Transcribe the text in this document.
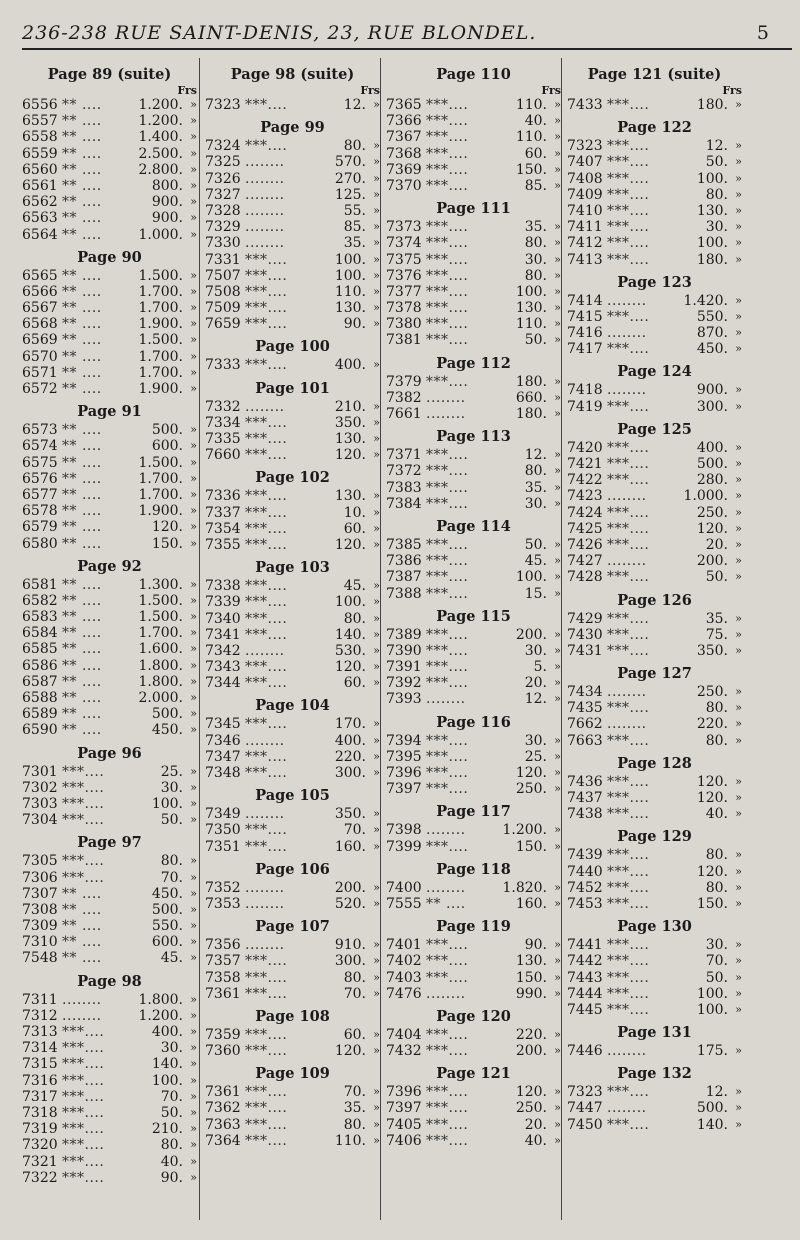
236-238 RUE SAINT-DENIS, 23, RUE BLONDEL.	5
Page 89 (suite)
Frs
6556 ** ....	1.200. »
6557 ** ....	1.200. »
6558 ** ....	1.400. »
6559 ** ....	2.500. »
6560 ** ....	2.800. »
6561 ** ....	800. »
6562 ** ....	900. »
6563 ** ....	900. »
6564 ** ....	1.000. »
Page 90
6565 ** ....	1.500. »
6566 ** ....	1.700. »
6567 ** ....	1.700. »
6568 ** ....	1.900. »
6569 ** ....	1.500. »
6570 ** ....	1.700. »
6571 ** ....	1.700. »
6572 ** ....	1.900. »
Page 91
6573 ** ....	500. »
6574 ** ....	600. »
6575 ** ....	1.500. »
6576 ** ....	1.700. »
6577 ** ....	1.700. »
6578 ** ....	1.900. »
6579 ** ....	120. »
6580 ** ....	150. »
Page 92
6581 ** ....	1.300. »
6582 ** ....	1.500. »
6583 ** ....	1.500. »
6584 ** ....	1.700. »
6585 ** ....	1.600. »
6586 ** ....	1.800. »
6587 ** ....	1.800. »
6588 ** ....	2.000. »
6589 ** ....	500. »
6590 ** ....	450. »
Page 96
7301 ***....	25. »
7302 ***....	30. »
7303 ***....	100. »
7304 ***....	50. »
Page 97
7305 ***....	80. »
7306 ***....	70. »
7307 ** ....	450. »
7308 ** ....	500. »
7309 ** ....	550. »
7310 ** ....	600. »
7548 ** ....	45. »
Page 98
7311 ........	1.800. »
7312 ........	1.200. »
7313 ***....	400. »
7314 ***....	30. »
7315 ***....	140. »
7316 ***....	100. »
7317 ***....	70. »
7318 ***....	50. »
7319 ***....	210. »
7320 ***....	80. »
7321 ***....	40. »
7322 ***....	90. »
Page 98 (suite)
Frs
7323 ***....	12. »
Page 99
7324 ***....	80. »
7325 ........	570. »
7326 ........	270. »
7327 ........	125. »
7328 ........	55. »
7329 ........	85. »
7330 ........	35. »
7331 ***....	100. »
7507 ***....	100. »
7508 ***....	110. »
7509 ***....	130. »
7659 ***....	90. »
Page 100
7333 ***....	400. »
Page 101
7332 ........	210. »
7334 ***....	350. »
7335 ***....	130. »
7660 ***....	120. »
Page 102
7336 ***....	130. »
7337 ***....	10. »
7354 ***....	60. »
7355 ***....	120. »
Page 103
7338 ***....	45. »
7339 ***....	100. »
7340 ***....	80. »
7341 ***....	140. »
7342 ........	530. »
7343 ***....	120. »
7344 ***....	60. »
Page 104
7345 ***....	170. »
7346 ........	400. »
7347 ***....	220. »
7348 ***....	300. »
Page 105
7349 ........	350. »
7350 ***....	70. »
7351 ***....	160. »
Page 106
7352 ........	200. »
7353 ........	520. »
Page 107
7356 ........	910. »
7357 ***....	300. »
7358 ***....	80. »
7361 ***....	70. »
Page 108
7359 ***....	60. »
7360 ***....	120. »
Page 109
7361 ***....	70. »
7362 ***....	35. »
7363 ***....	80. »
7364 ***....	110. »
Page 110
Frs
7365 ***....	110. »
7366 ***....	40. »
7367 ***....	110. »
7368 ***....	60. »
7369 ***....	150. »
7370 ***....	85. »
Page 111
7373 ***....	35. »
7374 ***....	80. »
7375 ***....	30. »
7376 ***....	80. »
7377 ***....	100. »
7378 ***....	130. »
7380 ***....	110. »
7381 ***....	50. »
Page 112
7379 ***....	180. »
7382 ........	660. »
7661 ........	180. »
Page 113
7371 ***....	12. »
7372 ***....	80. »
7383 ***....	35. »
7384 ***....	30. »
Page 114
7385 ***....	50. »
7386 ***....	45. »
7387 ***....	100. »
7388 ***....	15. »
Page 115
7389 ***....	200. »
7390 ***....	30. »
7391 ***....	5. »
7392 ***....	20. »
7393 ........	12. »
Page 116
7394 ***....	30. »
7395 ***....	25. »
7396 ***....	120. »
7397 ***....	250. »
Page 117
7398 ........	1.200. »
7399 ***....	150. »
Page 118
7400 ........	1.820. »
7555 ** ....	160. »
Page 119
7401 ***....	90. »
7402 ***....	130. »
7403 ***....	150. »
7476 ........	990. »
Page 120
7404 ***....	220. »
7432 ***....	200. »
Page 121
7396 ***....	120. »
7397 ***....	250. »
7405 ***....	20. »
7406 ***....	40. »
Page 121 (suite)
Frs
7433 ***....	180. »
Page 122
7323 ***....	12. »
7407 ***....	50. »
7408 ***....	100. »
7409 ***....	80. »
7410 ***....	130. »
7411 ***....	30. »
7412 ***....	100. »
7413 ***....	180. »
Page 123
7414 ........	1.420. »
7415 ***....	550. »
7416 ........	870. »
7417 ***....	450. »
Page 124
7418 ........	900. »
7419 ***....	300. »
Page 125
7420 ***....	400. »
7421 ***....	500. »
7422 ***....	280. »
7423 ........	1.000. »
7424 ***....	250. »
7425 ***....	120. »
7426 ***....	20. »
7427 ........	200. »
7428 ***....	50. »
Page 126
7429 ***....	35. »
7430 ***....	75. »
7431 ***....	350. »
Page 127
7434 ........	250. »
7435 ***....	80. »
7662 ........	220. »
7663 ***....	80. »
Page 128
7436 ***....	120. »
7437 ***....	120. »
7438 ***....	40. »
Page 129
7439 ***....	80. »
7440 ***....	120. »
7452 ***....	80. »
7453 ***....	150. »
Page 130
7441 ***....	30. »
7442 ***....	70. »
7443 ***....	50. »
7444 ***....	100. »
7445 ***....	100. »
Page 131
7446 ........	175. »
Page 132
7323 ***....	12. »
7447 ........	500. »
7450 ***....	140. »
